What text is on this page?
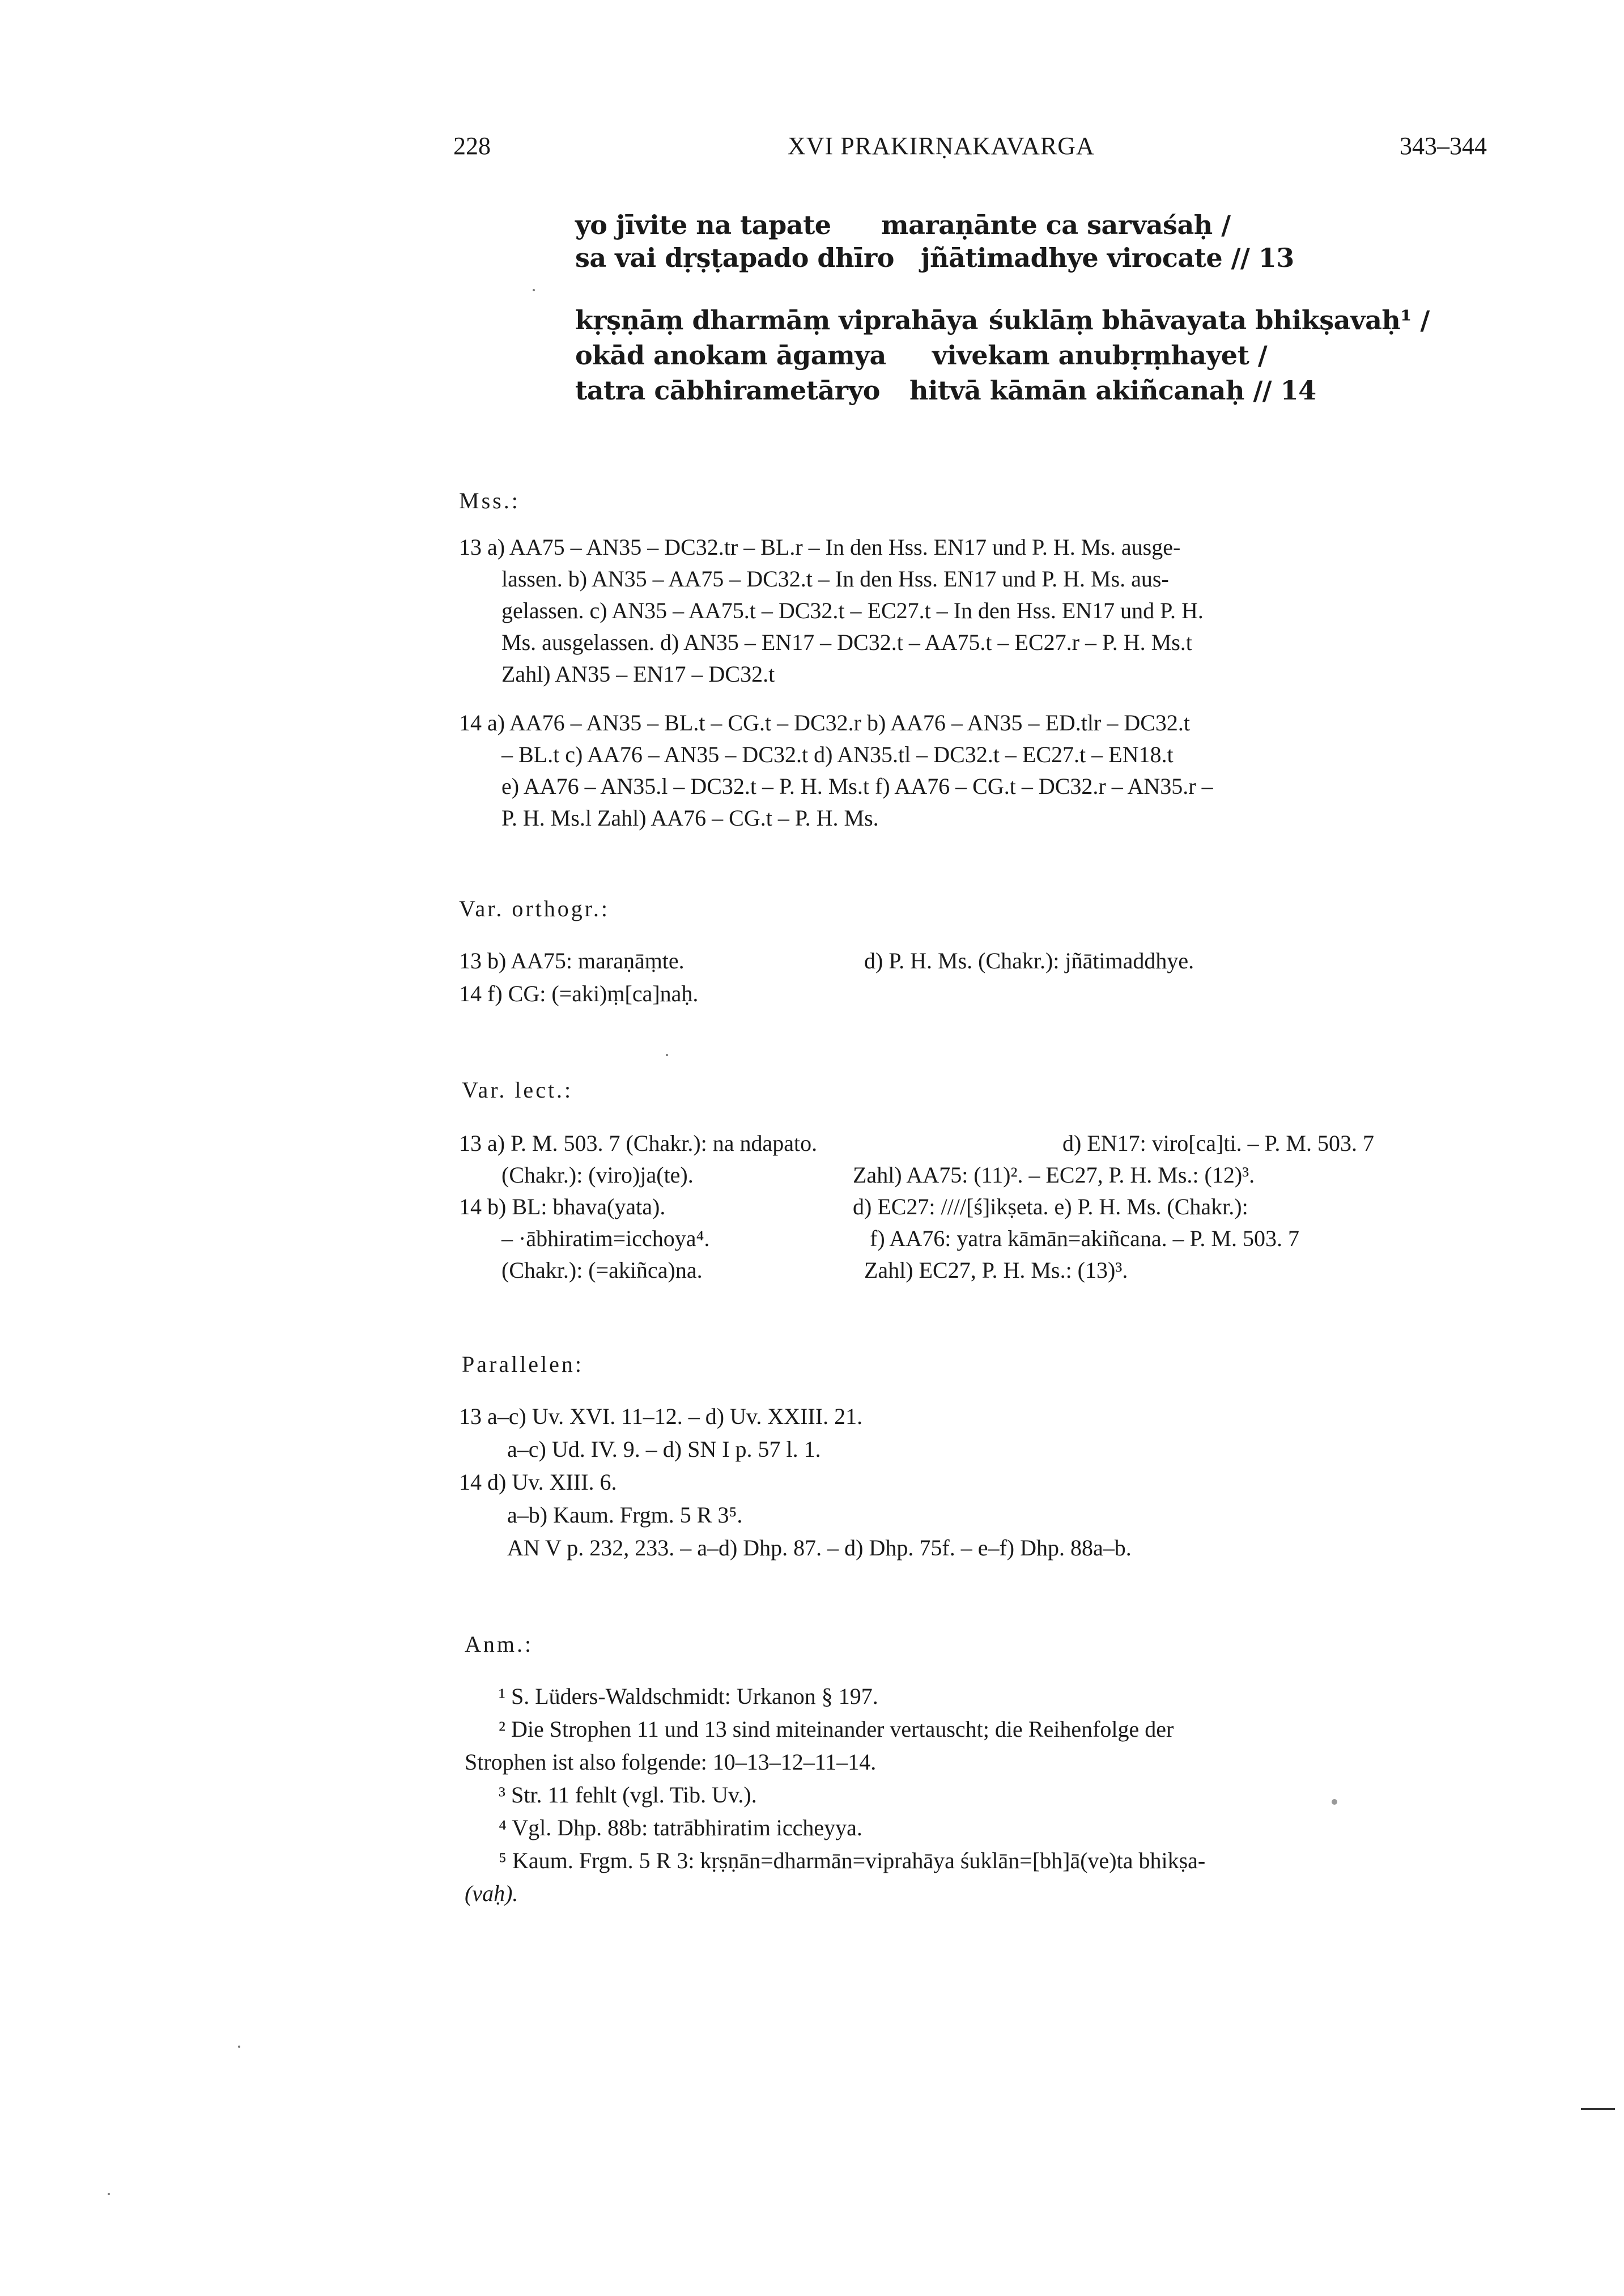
228	XVI PRAKIRṆAKAVARGA	343–344
yo jīvite na tapate maraṇānte ca sarvaśaḥ /
sa vai dṛṣṭapado dhīro jñātimadhye virocate // 13
kṛṣṇāṃ dharmāṃ viprahāya śuklāṃ bhāvayata bhikṣavaḥ¹ /
okād anokam āgamya vivekam anubṛṃhayet /
tatra cābhirametāryo hitvā kāmān akiñcanaḥ // 14
Mss.:
13 a) AA75 – AN35 – DC32.tr – BL.r – In den Hss. EN17 und P. H. Ms. ausge-
lassen. b) AN35 – AA75 – DC32.t – In den Hss. EN17 und P. H. Ms. aus-
gelassen. c) AN35 – AA75.t – DC32.t – EC27.t – In den Hss. EN17 und P. H.
Ms. ausgelassen. d) AN35 – EN17 – DC32.t – AA75.t – EC27.r – P. H. Ms.t
Zahl) AN35 – EN17 – DC32.t
14 a) AA76 – AN35 – BL.t – CG.t – DC32.r b) AA76 – AN35 – ED.tlr – DC32.t
– BL.t c) AA76 – AN35 – DC32.t d) AN35.tl – DC32.t – EC27.t – EN18.t
e) AA76 – AN35.l – DC32.t – P. H. Ms.t f) AA76 – CG.t – DC32.r – AN35.r –
P. H. Ms.l Zahl) AA76 – CG.t – P. H. Ms.
Var. orthogr.:
13 b) AA75: maraṇāṃte.	d) P. H. Ms. (Chakr.): jñātimaddhye.
14 f) CG: (=aki)ṃ[ca]naḥ.
Var. lect.:
13 a) P. M. 503. 7 (Chakr.): na ndapato.	d) EN17: viro[ca]ti. – P. M. 503. 7
(Chakr.): (viro)ja(te).	Zahl) AA75: (11)². – EC27, P. H. Ms.: (12)³.
14 b) BL: bhava(yata).	d) EC27: ////[ś]ikṣeta. e) P. H. Ms. (Chakr.):
– ·ābhiratim=icchoya⁴.	f) AA76: yatra kāmān=akiñcana. – P. M. 503. 7
(Chakr.): (=akiñca)na.	Zahl) EC27, P. H. Ms.: (13)³.
Parallelen:
13 a–c) Uv. XVI. 11–12. – d) Uv. XXIII. 21.
a–c) Ud. IV. 9. – d) SN I p. 57 l. 1.
14 d) Uv. XIII. 6.
a–b) Kaum. Frgm. 5 R 3⁵.
AN V p. 232, 233. – a–d) Dhp. 87. – d) Dhp. 75f. – e–f) Dhp. 88a–b.
Anm.:
¹ S. Lüders-Waldschmidt: Urkanon § 197.
² Die Strophen 11 und 13 sind miteinander vertauscht; die Reihenfolge der
Strophen ist also folgende: 10–13–12–11–14.
³ Str. 11 fehlt (vgl. Tib. Uv.).
⁴ Vgl. Dhp. 88b: tatrābhiratim iccheyya.
⁵ Kaum. Frgm. 5 R 3: kṛṣṇān=dharmān=viprahāya śuklān=[bh]ā(ve)ta bhikṣa-
(vaḥ).
